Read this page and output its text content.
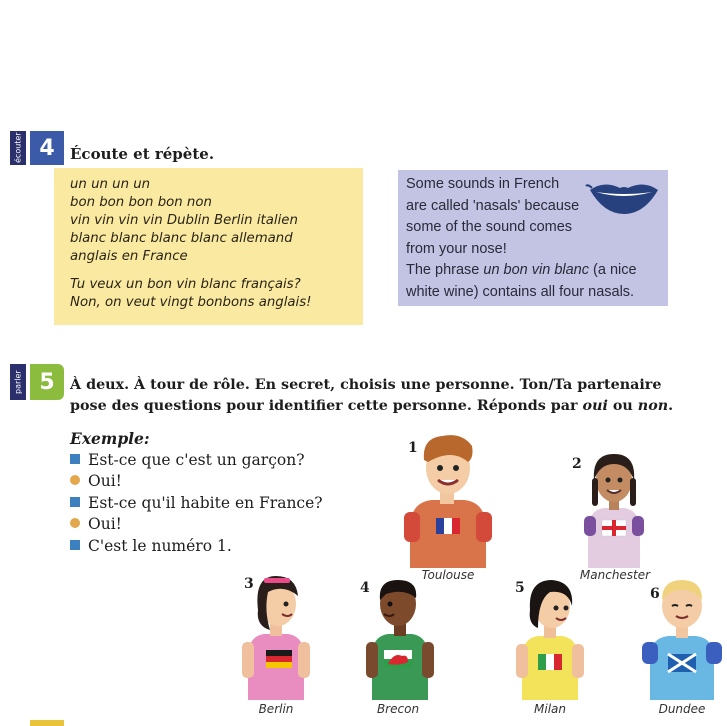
écouter 4 Écoute et répète.

un un un un

bon bon bon bon non

vin vin vin vin Dublin Berlin italien

blanc blanc blanc blanc allemand

anglais en France

Tu veux un bon vin blanc français?

Non, on veut vingt bonbons anglais!

Some sounds in French

are called 'nasals' because

some of the sound comes

from your nose!

The phrase un bon vin blanc (a nice

white wine) contains all four nasals.

parler 5 À deux. À tour de rôle. En secret, choisis une personne. Ton/Ta partenaire
pose des questions pour identifier cette personne. Réponds par oui ou non.
Exemple:
Est-ce que c'est un garçon?
Oui!
Est-ce qu'il habite en France?
Oui!
C'est le numéro 1.
1
Toulouse
2
Manchester
3
Berlin
4
Brecon
5
Milan
6
Dundee
